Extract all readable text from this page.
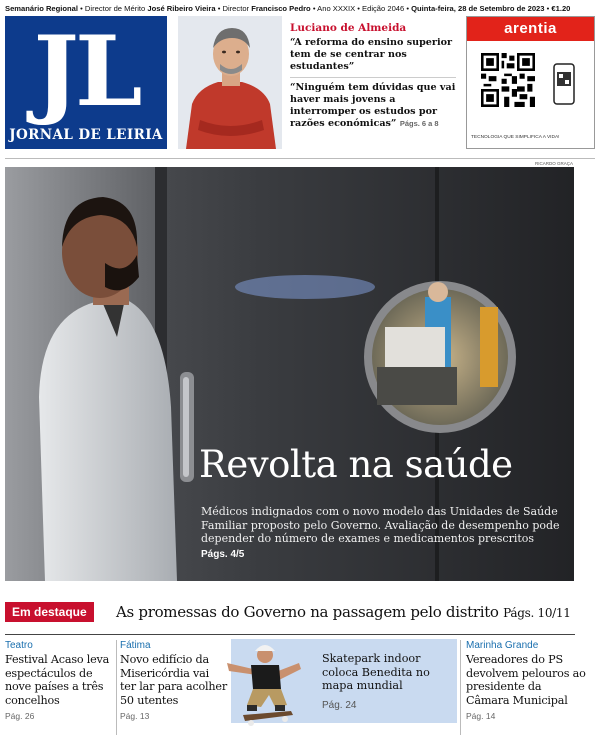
Semanário Regional • Director de Mérito José Ribeiro Vieira • Director Francisco Pedro • Ano XXXIX • Edição 2046 • Quinta-feira, 28 de Setembro de 2023 • €1.20
JL
JORNAL DE LEIRIA
Luciano de Almeida
“A reforma do ensino superior tem de se centrar nos estudantes”
“Ninguém tem dúvidas que vai haver mais jovens a interromper os estudos por razões económicas” Págs. 6 a 8
arentia
TECNOLOGIA QUE SIMPLIFICA A VIDA!
RICARDO GRAÇA
Revolta na saúde
Médicos indignados com o novo modelo das Unidades de Saúde Familiar proposto pelo Governo. Avaliação de desempenho pode depender do número de exames e medicamentos prescritos
Págs. 4/5
Em destaque	As promessas do Governo na passagem pelo distrito Págs. 10/11
Teatro
Festival Acaso leva espectáculos de nove países a três concelhos
Pág. 26
Fátima
Novo edifício da Misericórdia vai ter lar para acolher 50 utentes
Pág. 13
Skatepark indoor coloca Benedita no mapa mundial
Pág. 24
Marinha Grande
Vereadores do PS devolvem pelouros ao presidente da Câmara Municipal
Pág. 14
